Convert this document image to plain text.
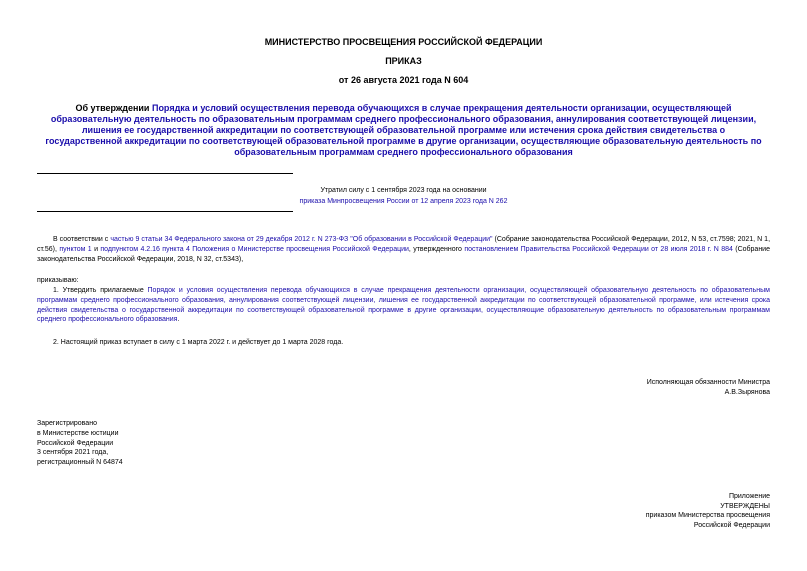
МИНИСТЕРСТВО ПРОСВЕЩЕНИЯ РОССИЙСКОЙ ФЕДЕРАЦИИ
ПРИКАЗ
от 26 августа 2021 года N 604
Об утверждении Порядка и условий осуществления перевода обучающихся в случае прекращения деятельности организации, осуществляющей образовательную деятельность по образовательным программам среднего профессионального образования, аннулирования соответствующей лицензии, лишения ее государственной аккредитации по соответствующей образовательной программе или истечения срока действия свидетельства о государственной аккредитации по соответствующей образовательной программе в другие организации, осуществляющие образовательную деятельность по образовательным программам среднего профессионального образования
Утратил силу с 1 сентября 2023 года на основании
приказа Минпросвещения России от 12 апреля 2023 года N 262
В соответствии с частью 9 статьи 34 Федерального закона от 29 декабря 2012 г. N 273-ФЗ "Об образовании в Российской Федерации" (Собрание законодательства Российской Федерации, 2012, N 53, ст.7598; 2021, N 1, ст.56), пунктом 1 и подпунктом 4.2.16 пункта 4 Положения о Министерстве просвещения Российской Федерации, утвержденного постановлением Правительства Российской Федерации от 28 июля 2018 г. N 884 (Собрание законодательства Российской Федерации, 2018, N 32, ст.5343),
приказываю:
1. Утвердить прилагаемые Порядок и условия осуществления перевода обучающихся в случае прекращения деятельности организации, осуществляющей образовательную деятельность по образовательным программам среднего профессионального образования, аннулирования соответствующей лицензии, лишения ее государственной аккредитации по соответствующей образовательной программе, или истечения срока действия свидетельства о государственной аккредитации по соответствующей образовательной программе в другие организации, осуществляющие образовательную деятельность по образовательным программам среднего профессионального образования.
2. Настоящий приказ вступает в силу с 1 марта 2022 г. и действует до 1 марта 2028 года.
Исполняющая обязанности Министра
А.В.Зырянова
Зарегистрировано
в Министерстве юстиции
Российской Федерации
3 сентября 2021 года,
регистрационный N 64874
Приложение
УТВЕРЖДЕНЫ
приказом Министерства просвещения
Российской Федерации
